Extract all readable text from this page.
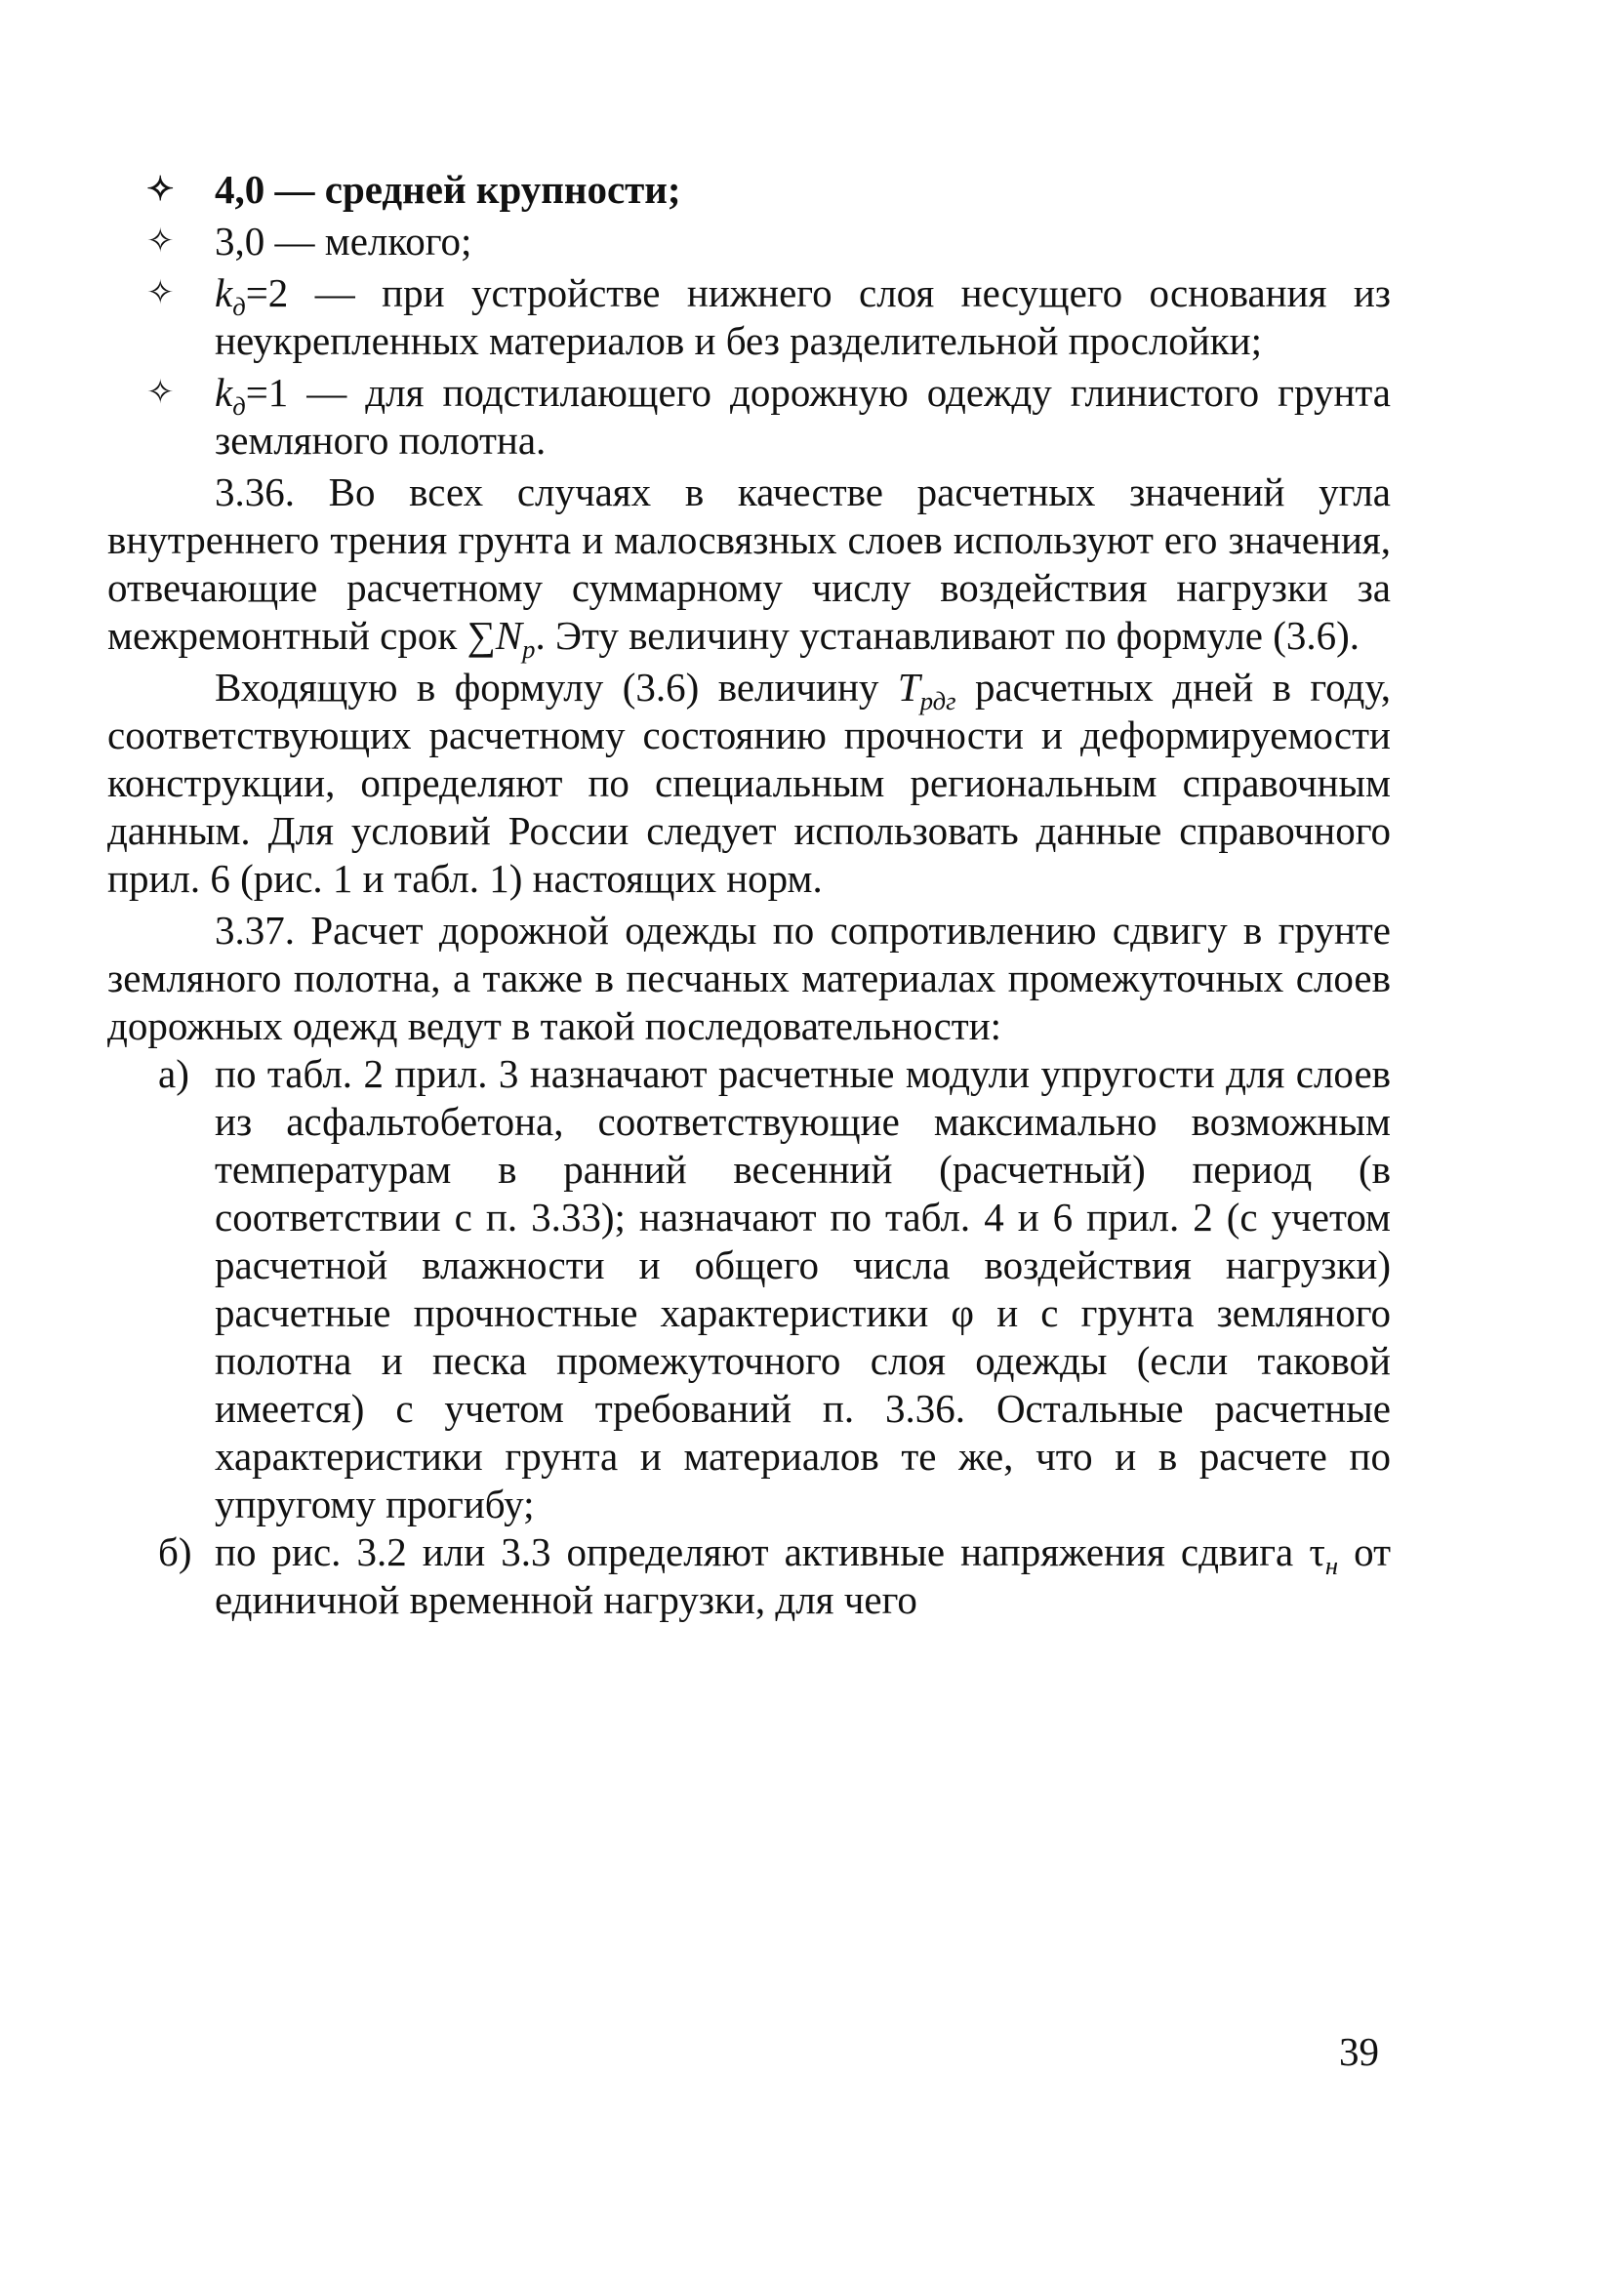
✧ 4,0 — средней крупности;
✧ 3,0 — мелкого;
✧ $k_д=2$ — при устройстве нижнего слоя несущего основания из неукрепленных материалов и без разделительной прослойки;
✧ $k_д=1$ — для подстилающего дорожную одежду глинистого грунта земляного полотна.

3.36. Во всех случаях в качестве расчетных значений угла внутреннего трения грунта и малосвязных слоев используют его значения, отвечающие расчетному суммарному числу воздействия нагрузки за межремонтный срок $\sum N_p$. Эту величину устанавливают по формуле (3.6).

Входящую в формулу (3.6) величину $T_{рдг}$ расчетных дней в году, соответствующих расчетному состоянию прочности и деформируемости конструкции, определяют по специальным региональным справочным данным. Для условий России следует использовать данные справочного прил. 6 (рис. 1 и табл. 1) настоящих норм.

3.37. Расчет дорожной одежды по сопротивлению сдвигу в грунте земляного полотна, а также в песчаных материалах промежуточных слоев дорожных одежд ведут в такой последовательности:

а) по табл. 2 прил. 3 назначают расчетные модули упругости для слоев из асфальтобетона, соответствующие максимально возможным температурам в ранний весенний (расчетный) период (в соответствии с п. 3.33); назначают по табл. 4 и 6 прил. 2 (с учетом расчетной влажности и общего числа воздействия нагрузки) расчетные прочностные характеристики φ и с грунта земляного полотна и песка промежуточного слоя одежды (если таковой имеется) с учетом требований п. 3.36. Остальные расчетные характеристики грунта и материалов те же, что и в расчете по упругому прогибу;
б) по рис. 3.2 или 3.3 определяют активные напряжения сдвига $\tau_н$ от единичной временной нагрузки, для чего
39
